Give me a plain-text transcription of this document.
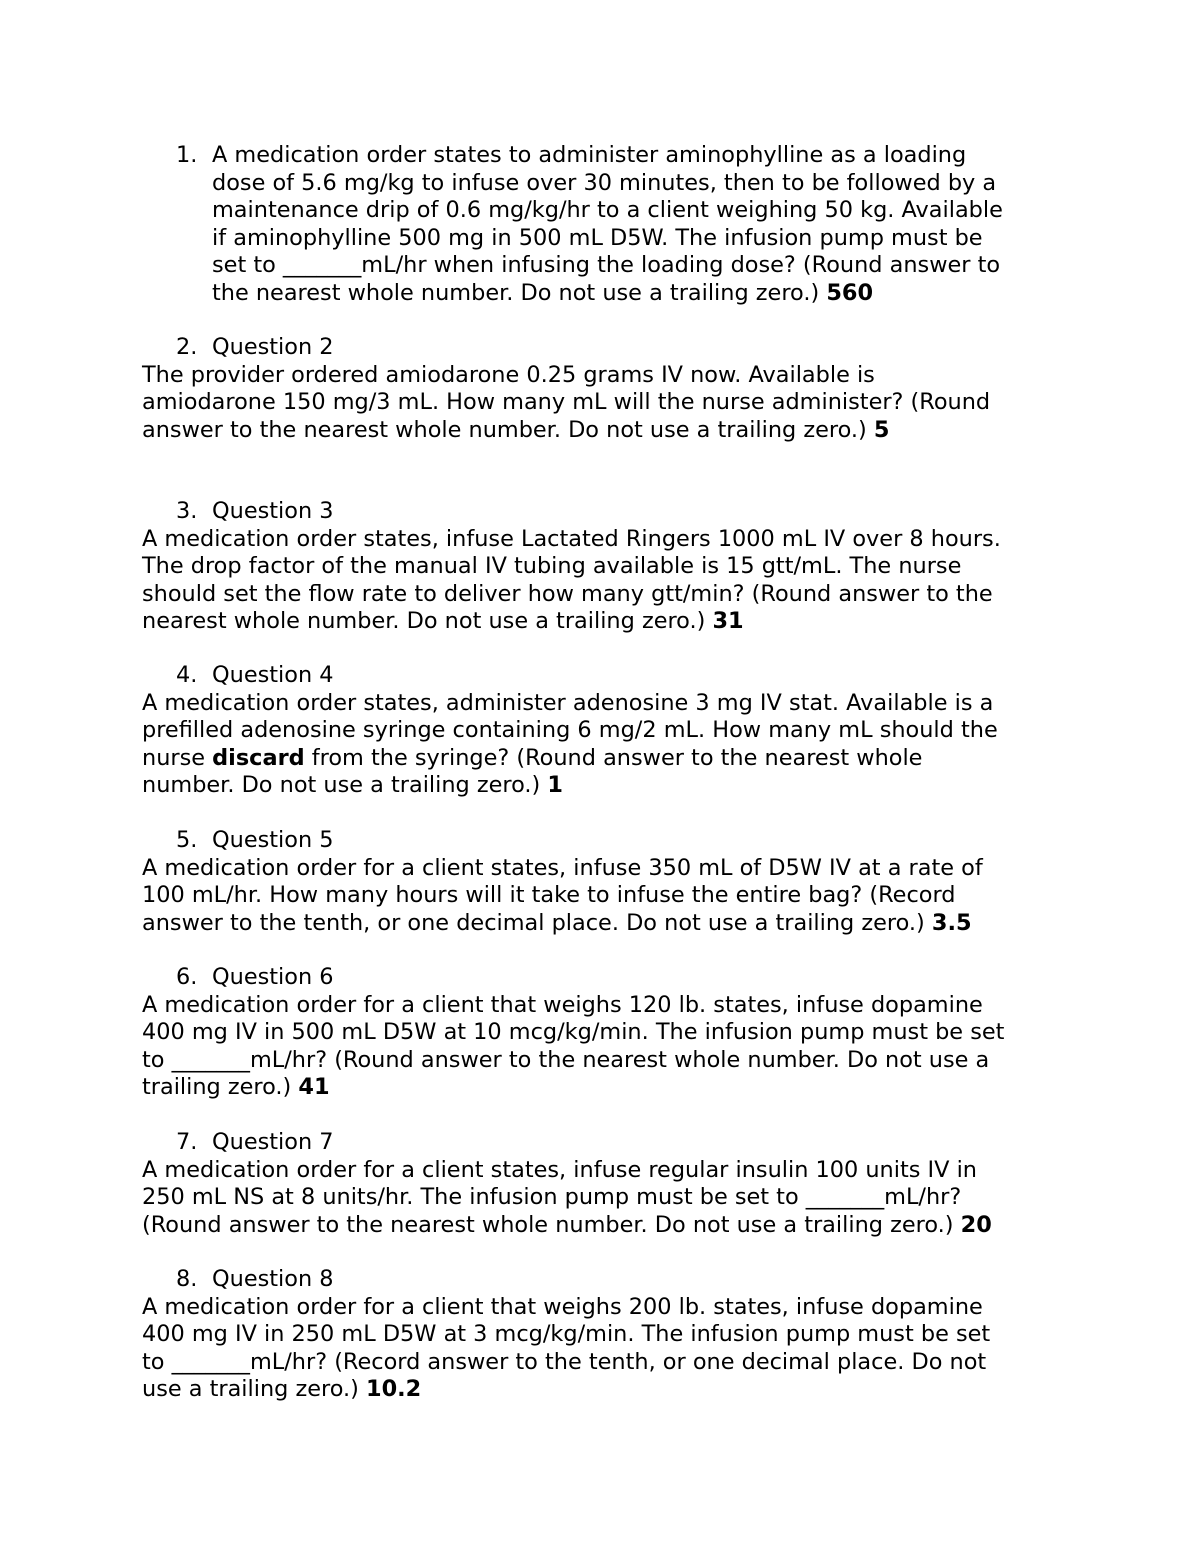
1. A medication order states to administer aminophylline as a loading
dose of 5.6 mg/kg to infuse over 30 minutes, then to be followed by a
maintenance drip of 0.6 mg/kg/hr to a client weighing 50 kg. Available
if aminophylline 500 mg in 500 mL D5W. The infusion pump must be
set to _______mL/hr when infusing the loading dose? (Round answer to
the nearest whole number. Do not use a trailing zero.) 560
2. Question 2
The provider ordered amiodarone 0.25 grams IV now. Available is
amiodarone 150 mg/3 mL. How many mL will the nurse administer? (Round
answer to the nearest whole number. Do not use a trailing zero.) 5
3. Question 3
A medication order states, infuse Lactated Ringers 1000 mL IV over 8 hours.
The drop factor of the manual IV tubing available is 15 gtt/mL. The nurse
should set the flow rate to deliver how many gtt/min? (Round answer to the
nearest whole number. Do not use a trailing zero.) 31
4. Question 4
A medication order states, administer adenosine 3 mg IV stat. Available is a
prefilled adenosine syringe containing 6 mg/2 mL. How many mL should the
nurse discard from the syringe? (Round answer to the nearest whole
number. Do not use a trailing zero.) 1
5. Question 5
A medication order for a client states, infuse 350 mL of D5W IV at a rate of
100 mL/hr. How many hours will it take to infuse the entire bag? (Record
answer to the tenth, or one decimal place. Do not use a trailing zero.) 3.5
6. Question 6
A medication order for a client that weighs 120 lb. states, infuse dopamine
400 mg IV in 500 mL D5W at 10 mcg/kg/min. The infusion pump must be set
to _______mL/hr? (Round answer to the nearest whole number. Do not use a
trailing zero.) 41
7. Question 7
A medication order for a client states, infuse regular insulin 100 units IV in
250 mL NS at 8 units/hr. The infusion pump must be set to _______mL/hr?
(Round answer to the nearest whole number. Do not use a trailing zero.) 20
8. Question 8
A medication order for a client that weighs 200 lb. states, infuse dopamine
400 mg IV in 250 mL D5W at 3 mcg/kg/min. The infusion pump must be set
to _______mL/hr? (Record answer to the tenth, or one decimal place. Do not
use a trailing zero.) 10.2
